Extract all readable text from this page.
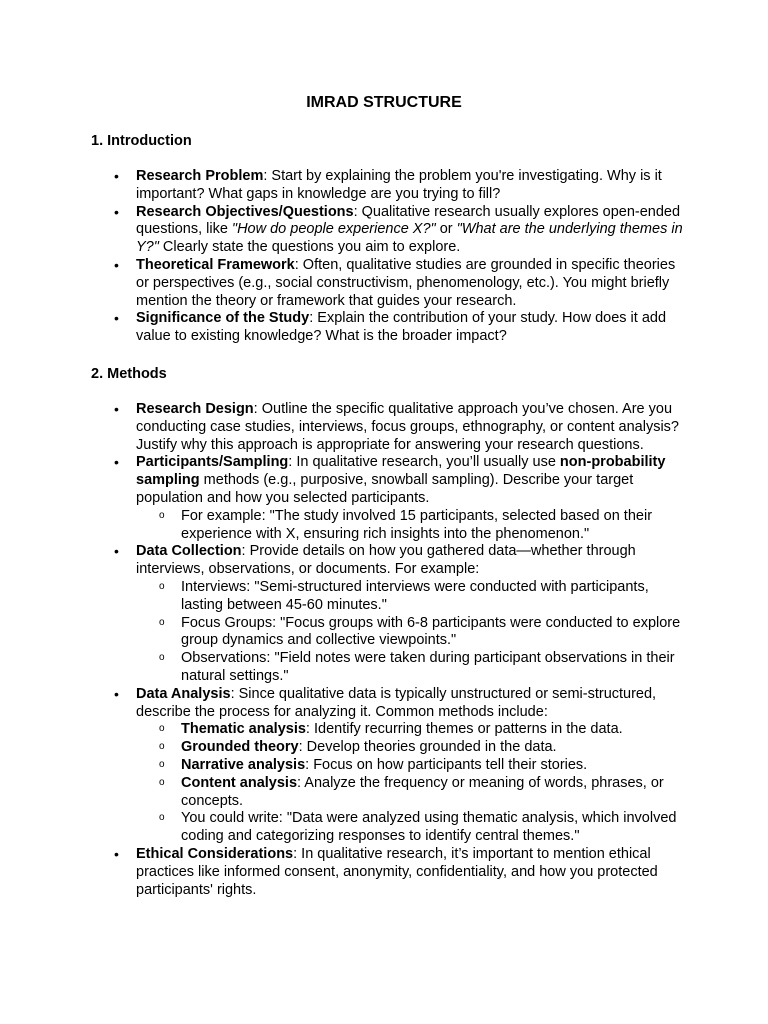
IMRAD STRUCTURE
1. Introduction
• Research Problem: Start by explaining the problem you're investigating. Why is it important? What gaps in knowledge are you trying to fill?
• Research Objectives/Questions: Qualitative research usually explores open-ended questions, like "How do people experience X?" or "What are the underlying themes in Y?" Clearly state the questions you aim to explore.
• Theoretical Framework: Often, qualitative studies are grounded in specific theories or perspectives (e.g., social constructivism, phenomenology, etc.). You might briefly mention the theory or framework that guides your research.
• Significance of the Study: Explain the contribution of your study. How does it add value to existing knowledge? What is the broader impact?
2. Methods
• Research Design: Outline the specific qualitative approach you’ve chosen. Are you conducting case studies, interviews, focus groups, ethnography, or content analysis? Justify why this approach is appropriate for answering your research questions.
• Participants/Sampling: In qualitative research, you’ll usually use non-probability sampling methods (e.g., purposive, snowball sampling). Describe your target population and how you selected participants.
o For example: "The study involved 15 participants, selected based on their experience with X, ensuring rich insights into the phenomenon."
• Data Collection: Provide details on how you gathered data—whether through interviews, observations, or documents. For example:
o Interviews: "Semi-structured interviews were conducted with participants, lasting between 45-60 minutes."
o Focus Groups: "Focus groups with 6-8 participants were conducted to explore group dynamics and collective viewpoints."
o Observations: "Field notes were taken during participant observations in their natural settings."
• Data Analysis: Since qualitative data is typically unstructured or semi-structured, describe the process for analyzing it. Common methods include:
o Thematic analysis: Identify recurring themes or patterns in the data.
o Grounded theory: Develop theories grounded in the data.
o Narrative analysis: Focus on how participants tell their stories.
o Content analysis: Analyze the frequency or meaning of words, phrases, or concepts.
o You could write: "Data were analyzed using thematic analysis, which involved coding and categorizing responses to identify central themes."
• Ethical Considerations: In qualitative research, it’s important to mention ethical practices like informed consent, anonymity, confidentiality, and how you protected participants' rights.
